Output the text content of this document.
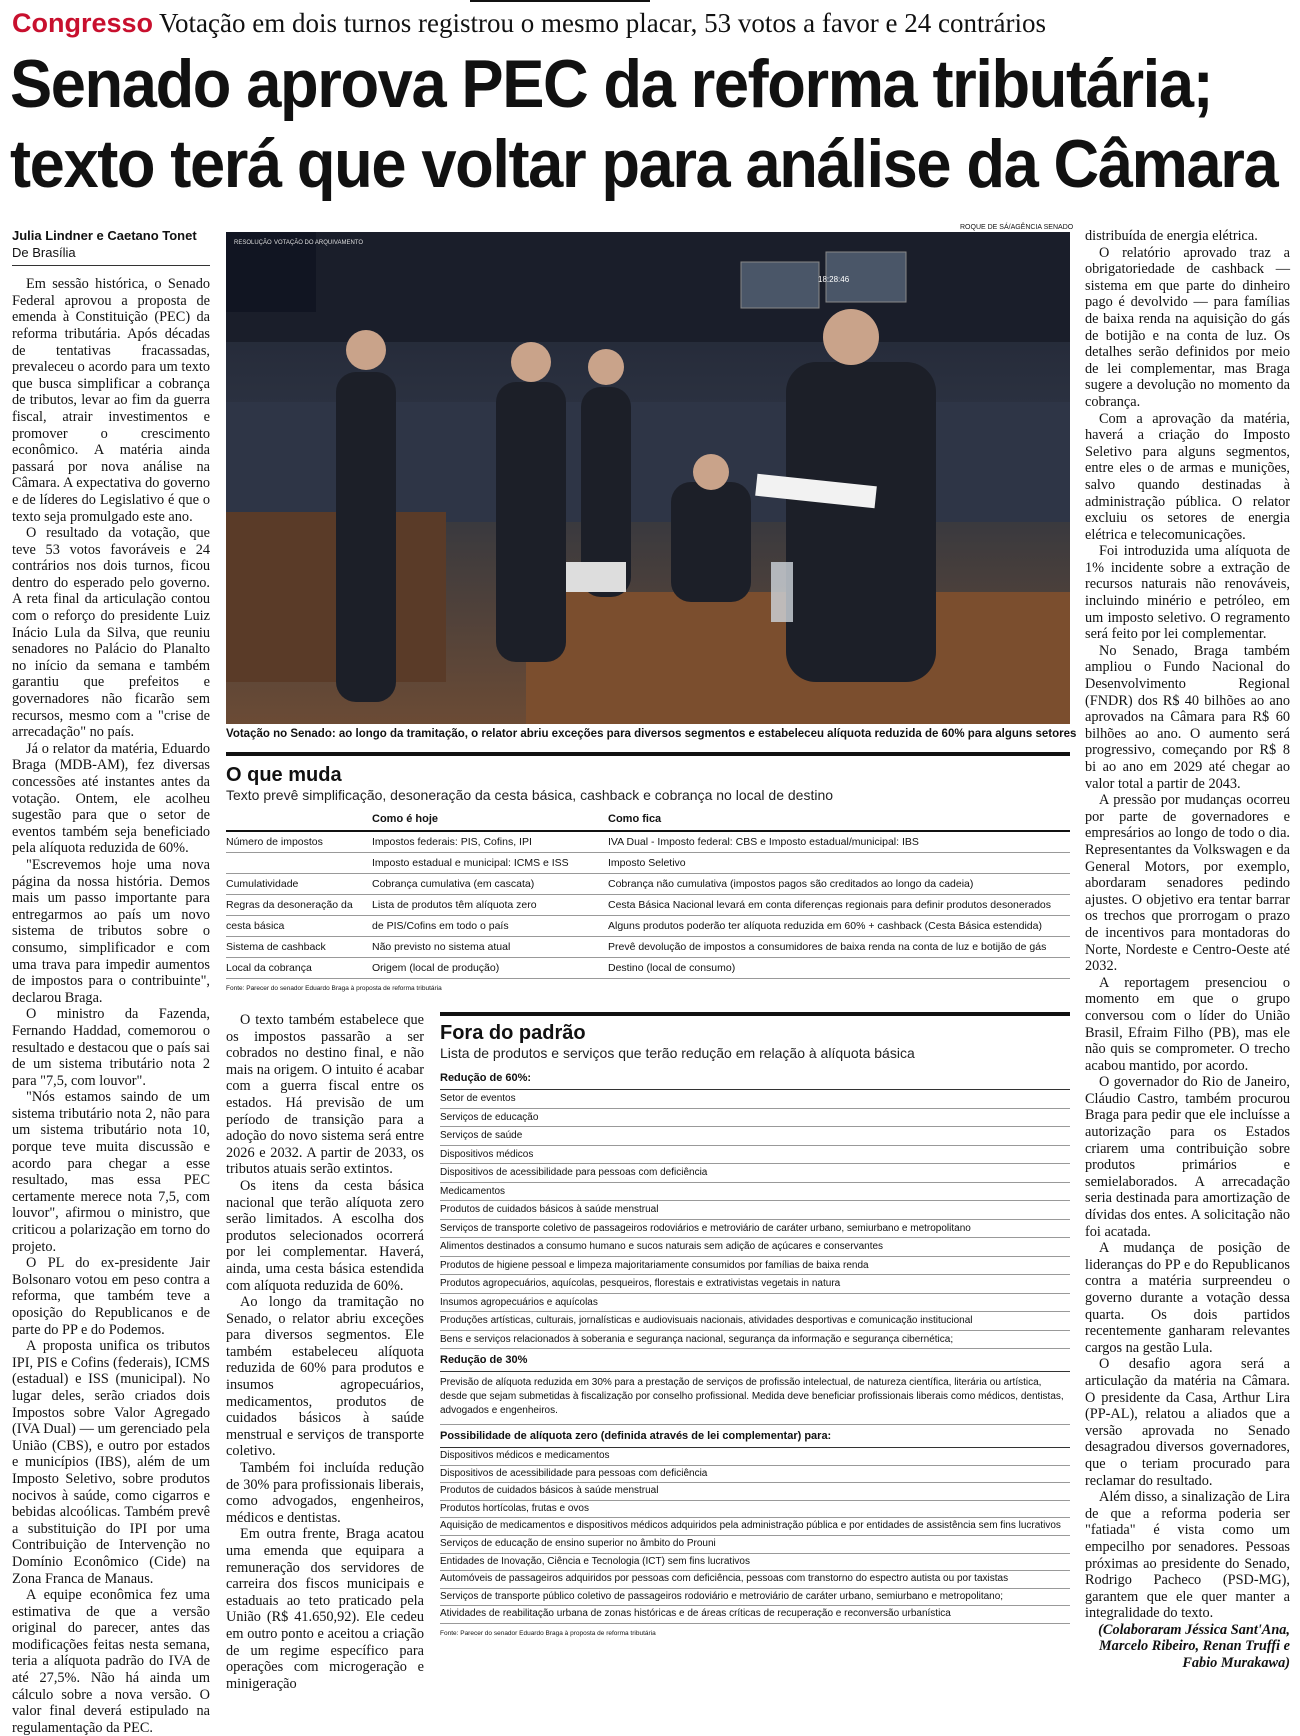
Congresso Votação em dois turnos registrou o mesmo placar, 53 votos a favor e 24 contrários
Senado aprova PEC da reforma tributária;
texto terá que voltar para análise da Câmara
Julia Lindner e Caetano Tonet
De Brasília

Em sessão histórica, o Senado Federal aprovou a proposta de emenda à Constituição (PEC) da reforma tributária. Após décadas de tentativas fracassadas, prevaleceu o acordo para um texto que busca simplificar a cobrança de tributos, levar ao fim da guerra fiscal, atrair investimentos e promover o crescimento econômico. A matéria ainda passará por nova análise na Câmara. A expectativa do governo e de líderes do Legislativo é que o texto seja promulgado este ano.

O resultado da votação, que teve 53 votos favoráveis e 24 contrários nos dois turnos, ficou dentro do esperado pelo governo. A reta final da articulação contou com o reforço do presidente Luiz Inácio Lula da Silva, que reuniu senadores no Palácio do Planalto no início da semana e também garantiu que prefeitos e governadores não ficarão sem recursos, mesmo com a "crise de arrecadação" no país.

Já o relator da matéria, Eduardo Braga (MDB-AM), fez diversas concessões até instantes antes da votação. Ontem, ele acolheu sugestão para que o setor de eventos também seja beneficiado pela alíquota reduzida de 60%.

"Escrevemos hoje uma nova página da nossa história. Demos mais um passo importante para entregarmos ao país um novo sistema de tributos sobre o consumo, simplificador e com uma trava para impedir aumentos de impostos para o contribuinte", declarou Braga.

O ministro da Fazenda, Fernando Haddad, comemorou o resultado e destacou que o país sai de um sistema tributário nota 2 para "7,5, com louvor".

"Nós estamos saindo de um sistema tributário nota 2, não para um sistema tributário nota 10, porque teve muita discussão e acordo para chegar a esse resultado, mas essa PEC certamente merece nota 7,5, com louvor", afirmou o ministro, que criticou a polarização em torno do projeto.

O PL do ex-presidente Jair Bolsonaro votou em peso contra a reforma, que também teve a oposição do Republicanos e de parte do PP e do Podemos.

A proposta unifica os tributos IPI, PIS e Cofins (federais), ICMS (estadual) e ISS (municipal). No lugar deles, serão criados dois Impostos sobre Valor Agregado (IVA Dual) — um gerenciado pela União (CBS), e outro por estados e municípios (IBS), além de um Imposto Seletivo, sobre produtos nocivos à saúde, como cigarros e bebidas alcoólicas. Também prevê a substituição do IPI por uma Contribuição de Intervenção no Domínio Econômico (Cide) na Zona Franca de Manaus.

A equipe econômica fez uma estimativa de que a versão original do parecer, antes das modificações feitas nesta semana, teria a alíquota padrão do IVA de até 27,5%. Não há ainda um cálculo sobre a nova versão. O valor final deverá estipulado na regulamentação da PEC.

ROQUE DE SÁ/AGÊNCIA SENADO
RESOLUÇÃO VOTAÇÃO DO ARQUIVAMENTO
18:28:46
Votação no Senado: ao longo da tramitação, o relator abriu exceções para diversos segmentos e estabeleceu alíquota reduzida de 60% para alguns setores
O que muda
Texto prevê simplificação, desoneração da cesta básica, cashback e cobrança no local de destino
	Como é hoje	Como fica
Número de impostos	Impostos federais: PIS, Cofins, IPI	IVA Dual - Imposto federal: CBS e Imposto estadual/municipal: IBS
	Imposto estadual e municipal: ICMS e ISS	Imposto Seletivo
Cumulatividade	Cobrança cumulativa (em cascata)	Cobrança não cumulativa (impostos pagos são creditados ao longo da cadeia)
Regras da desoneração da	Lista de produtos têm alíquota zero	Cesta Básica Nacional levará em conta diferenças regionais para definir produtos desonerados
cesta básica	de PIS/Cofins em todo o país	Alguns produtos poderão ter alíquota reduzida em 60% + cashback (Cesta Básica estendida)
Sistema de cashback	Não previsto no sistema atual	Prevê devolução de impostos a consumidores de baixa renda na conta de luz e botijão de gás
Local da cobrança	Origem (local de produção)	Destino (local de consumo)
Fonte: Parecer do senador Eduardo Braga à proposta de reforma tributária

O texto também estabelece que os impostos passarão a ser cobrados no destino final, e não mais na origem. O intuito é acabar com a guerra fiscal entre os estados. Há previsão de um período de transição para a adoção do novo sistema será entre 2026 e 2032. A partir de 2033, os tributos atuais serão extintos.

Os itens da cesta básica nacional que terão alíquota zero serão limitados. A escolha dos produtos selecionados ocorrerá por lei complementar. Haverá, ainda, uma cesta básica estendida com alíquota reduzida de 60%.

Ao longo da tramitação no Senado, o relator abriu exceções para diversos segmentos. Ele também estabeleceu alíquota reduzida de 60% para produtos e insumos agropecuários, medicamentos, produtos de cuidados básicos à saúde menstrual e serviços de transporte coletivo.

Também foi incluída redução de 30% para profissionais liberais, como advogados, engenheiros, médicos e dentistas.

Em outra frente, Braga acatou uma emenda que equipara a remuneração dos servidores de carreira dos fiscos municipais e estaduais ao teto praticado pela União (R$ 41.650,92). Ele cedeu em outro ponto e aceitou a criação de um regime específico para operações com microgeração e minigeração

Fora do padrão
Lista de produtos e serviços que terão redução em relação à alíquota básica
Redução de 60%:
Setor de eventos
Serviços de educação
Serviços de saúde
Dispositivos médicos
Dispositivos de acessibilidade para pessoas com deficiência
Medicamentos
Produtos de cuidados básicos à saúde menstrual
Serviços de transporte coletivo de passageiros rodoviários e metroviário de caráter urbano, semiurbano e metropolitano
Alimentos destinados a consumo humano e sucos naturais sem adição de açúcares e conservantes
Produtos de higiene pessoal e limpeza majoritariamente consumidos por famílias de baixa renda
Produtos agropecuários, aquícolas, pesqueiros, florestais e extrativistas vegetais in natura
Insumos agropecuários e aquícolas
Produções artísticas, culturais, jornalísticas e audiovisuais nacionais, atividades desportivas e comunicação institucional
Bens e serviços relacionados à soberania e segurança nacional, segurança da informação e segurança cibernética;
Redução de 30%
Previsão de alíquota reduzida em 30% para a prestação de serviços de profissão intelectual, de natureza científica, literária ou artística, desde que sejam submetidas à fiscalização por conselho profissional. Medida deve beneficiar profissionais liberais como médicos, dentistas, advogados e engenheiros.
Possibilidade de alíquota zero (definida através de lei complementar) para:
Dispositivos médicos e medicamentos
Dispositivos de acessibilidade para pessoas com deficiência
Produtos de cuidados básicos à saúde menstrual
Produtos hortícolas, frutas e ovos
Aquisição de medicamentos e dispositivos médicos adquiridos pela administração pública e por entidades de assistência sem fins lucrativos
Serviços de educação de ensino superior no âmbito do Prouni
Entidades de Inovação, Ciência e Tecnologia (ICT) sem fins lucrativos
Automóveis de passageiros adquiridos por pessoas com deficiência, pessoas com transtorno do espectro autista ou por taxistas
Serviços de transporte público coletivo de passageiros rodoviário e metroviário de caráter urbano, semiurbano e metropolitano;
Atividades de reabilitação urbana de zonas históricas e de áreas críticas de recuperação e reconversão urbanística
Fonte: Parecer do senador Eduardo Braga à proposta de reforma tributária

distribuída de energia elétrica.

O relatório aprovado traz a obrigatoriedade de cashback — sistema em que parte do dinheiro pago é devolvido — para famílias de baixa renda na aquisição do gás de botijão e na conta de luz. Os detalhes serão definidos por meio de lei complementar, mas Braga sugere a devolução no momento da cobrança.

Com a aprovação da matéria, haverá a criação do Imposto Seletivo para alguns segmentos, entre eles o de armas e munições, salvo quando destinadas à administração pública. O relator excluiu os setores de energia elétrica e telecomunicações.

Foi introduzida uma alíquota de 1% incidente sobre a extração de recursos naturais não renováveis, incluindo minério e petróleo, em um imposto seletivo. O regramento será feito por lei complementar.

No Senado, Braga também ampliou o Fundo Nacional do Desenvolvimento Regional (FNDR) dos R$ 40 bilhões ao ano aprovados na Câmara para R$ 60 bilhões ao ano. O aumento será progressivo, começando por R$ 8 bi ao ano em 2029 até chegar ao valor total a partir de 2043.

A pressão por mudanças ocorreu por parte de governadores e empresários ao longo de todo o dia. Representantes da Volkswagen e da General Motors, por exemplo, abordaram senadores pedindo ajustes. O objetivo era tentar barrar os trechos que prorrogam o prazo de incentivos para montadoras do Norte, Nordeste e Centro-Oeste até 2032.

A reportagem presenciou o momento em que o grupo conversou com o líder do União Brasil, Efraim Filho (PB), mas ele não quis se comprometer. O trecho acabou mantido, por acordo.

O governador do Rio de Janeiro, Cláudio Castro, também procurou Braga para pedir que ele incluísse a autorização para os Estados criarem uma contribuição sobre produtos primários e semielaborados. A arrecadação seria destinada para amortização de dívidas dos entes. A solicitação não foi acatada.

A mudança de posição de lideranças do PP e do Republicanos contra a matéria surpreendeu o governo durante a votação dessa quarta. Os dois partidos recentemente ganharam relevantes cargos na gestão Lula.

O desafio agora será a articulação da matéria na Câmara. O presidente da Casa, Arthur Lira (PP-AL), relatou a aliados que a versão aprovada no Senado desagradou diversos governadores, que o teriam procurado para reclamar do resultado.

Além disso, a sinalização de Lira de que a reforma poderia ser "fatiada" é vista como um empecilho por senadores. Pessoas próximas ao presidente do Senado, Rodrigo Pacheco (PSD-MG), garantem que ele quer manter a integralidade do texto.

(Colaboraram Jéssica Sant'Ana, Marcelo Ribeiro, Renan Truffi e Fabio Murakawa)
